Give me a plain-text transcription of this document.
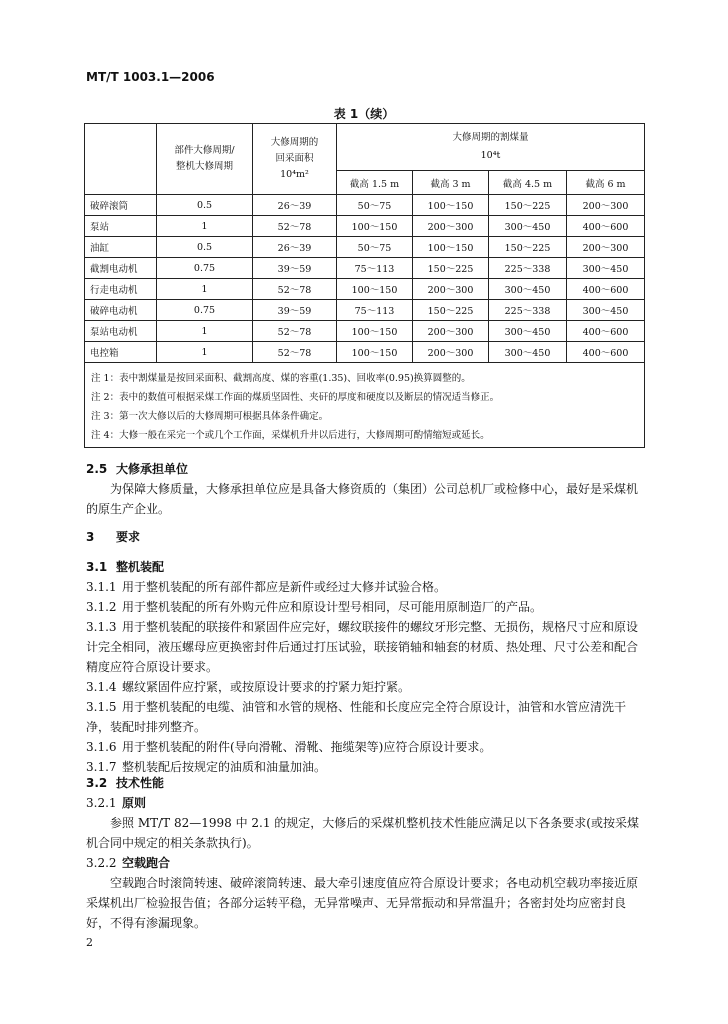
MT/T 1003.1—2006
表 1（续）
	部件大修周期/
整机大修周期	大修周期的
回采面积
10⁴m²	大修周期的割煤量
10⁴t			
			截高 1.5 m	截高 3 m	截高 4.5 m	截高 6 m
破碎滚筒	0.5	26～39	50～75	100～150	150～225	200～300
泵站	1	52～78	100～150	200～300	300～450	400～600
油缸	0.5	26～39	50～75	100～150	150～225	200～300
截割电动机	0.75	39～59	75～113	150～225	225～338	300～450
行走电动机	1	52～78	100～150	200～300	300～450	400～600
破碎电动机	0.75	39～59	75～113	150～225	225～338	300～450
泵站电动机	1	52～78	100～150	200～300	300～450	400～600
电控箱	1	52～78	100～150	200～300	300～450	400～600
注 1：表中割煤量是按回采面积、截割高度、煤的容重(1.35)、回收率(0.95)换算圆整的。						
注 2：表中的数值可根据采煤工作面的煤质坚固性、夹矸的厚度和硬度以及断层的情况适当修正。						
注 3：第一次大修以后的大修周期可根据具体条件确定。						
注 4：大修一般在采完一个或几个工作面，采煤机升井以后进行，大修周期可酌情缩短或延长。						

2.5 大修承担单位

为保障大修质量，大修承担单位应是具备大修资质的（集团）公司总机厂或检修中心，最好是采煤机的原生产企业。

3 要求

3.1 整机装配

3.1.1 用于整机装配的所有部件都应是新件或经过大修并试验合格。

3.1.2 用于整机装配的所有外购元件应和原设计型号相同，尽可能用原制造厂的产品。

3.1.3 用于整机装配的联接件和紧固件应完好，螺纹联接件的螺纹牙形完整、无损伤，规格尺寸应和原设计完全相同，液压螺母应更换密封件后通过打压试验，联接销轴和轴套的材质、热处理、尺寸公差和配合精度应符合原设计要求。

3.1.4 螺纹紧固件应拧紧，或按原设计要求的拧紧力矩拧紧。

3.1.5 用于整机装配的电缆、油管和水管的规格、性能和长度应完全符合原设计，油管和水管应清洗干净，装配时排列整齐。

3.1.6 用于整机装配的附件(导向滑靴、滑靴、拖缆架等)应符合原设计要求。

3.1.7 整机装配后按规定的油质和油量加油。

3.2 技术性能

3.2.1 原则

参照 MT/T 82—1998 中 2.1 的规定，大修后的采煤机整机技术性能应满足以下各条要求(或按采煤机合同中规定的相关条款执行)。

3.2.2 空载跑合

空载跑合时滚筒转速、破碎滚筒转速、最大牵引速度值应符合原设计要求；各电动机空载功率接近原采煤机出厂检验报告值；各部分运转平稳，无异常噪声、无异常振动和异常温升；各密封处均应密封良好，不得有渗漏现象。

2
